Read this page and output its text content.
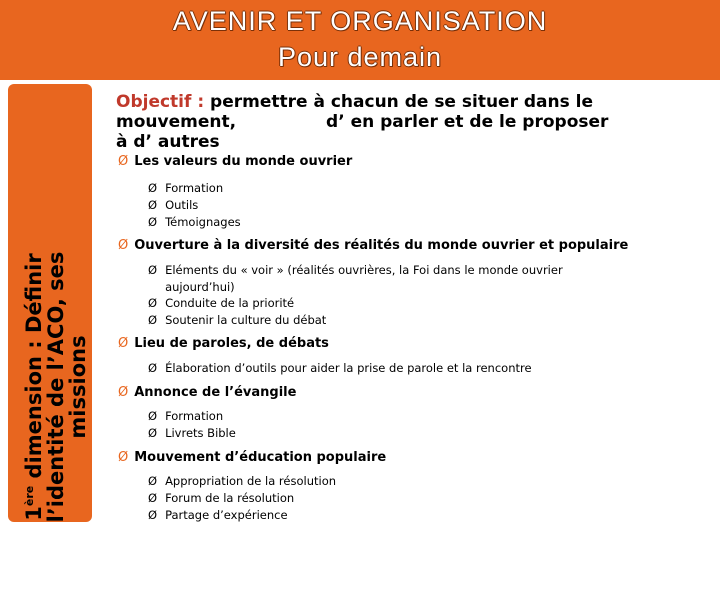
AVENIR ET ORGANISATION
Pour demain
1ère dimension : Définir
l’identité de l’ACO, ses
missions
Objectif : permettre à chacun de se situer dans le
mouvement,	d’ en parler et de le proposer
à d’ autres
Ø Les valeurs du monde ouvrier
Ø Formation
Ø Outils
Ø Témoignages
Ø Ouverture à la diversité des réalités du monde ouvrier et populaire
Ø Eléments du « voir » (réalités ouvrières, la Foi dans le monde ouvrier aujourd’hui)
Ø Conduite de la priorité
Ø Soutenir la culture du débat
Ø Lieu de paroles, de débats
Ø Élaboration d’outils pour aider la prise de parole et la rencontre
Ø Annonce de l’évangile
Ø Formation
Ø Livrets Bible
Ø Mouvement d’éducation populaire
Ø Appropriation de la résolution
Ø Forum de la résolution
Ø Partage d’expérience
